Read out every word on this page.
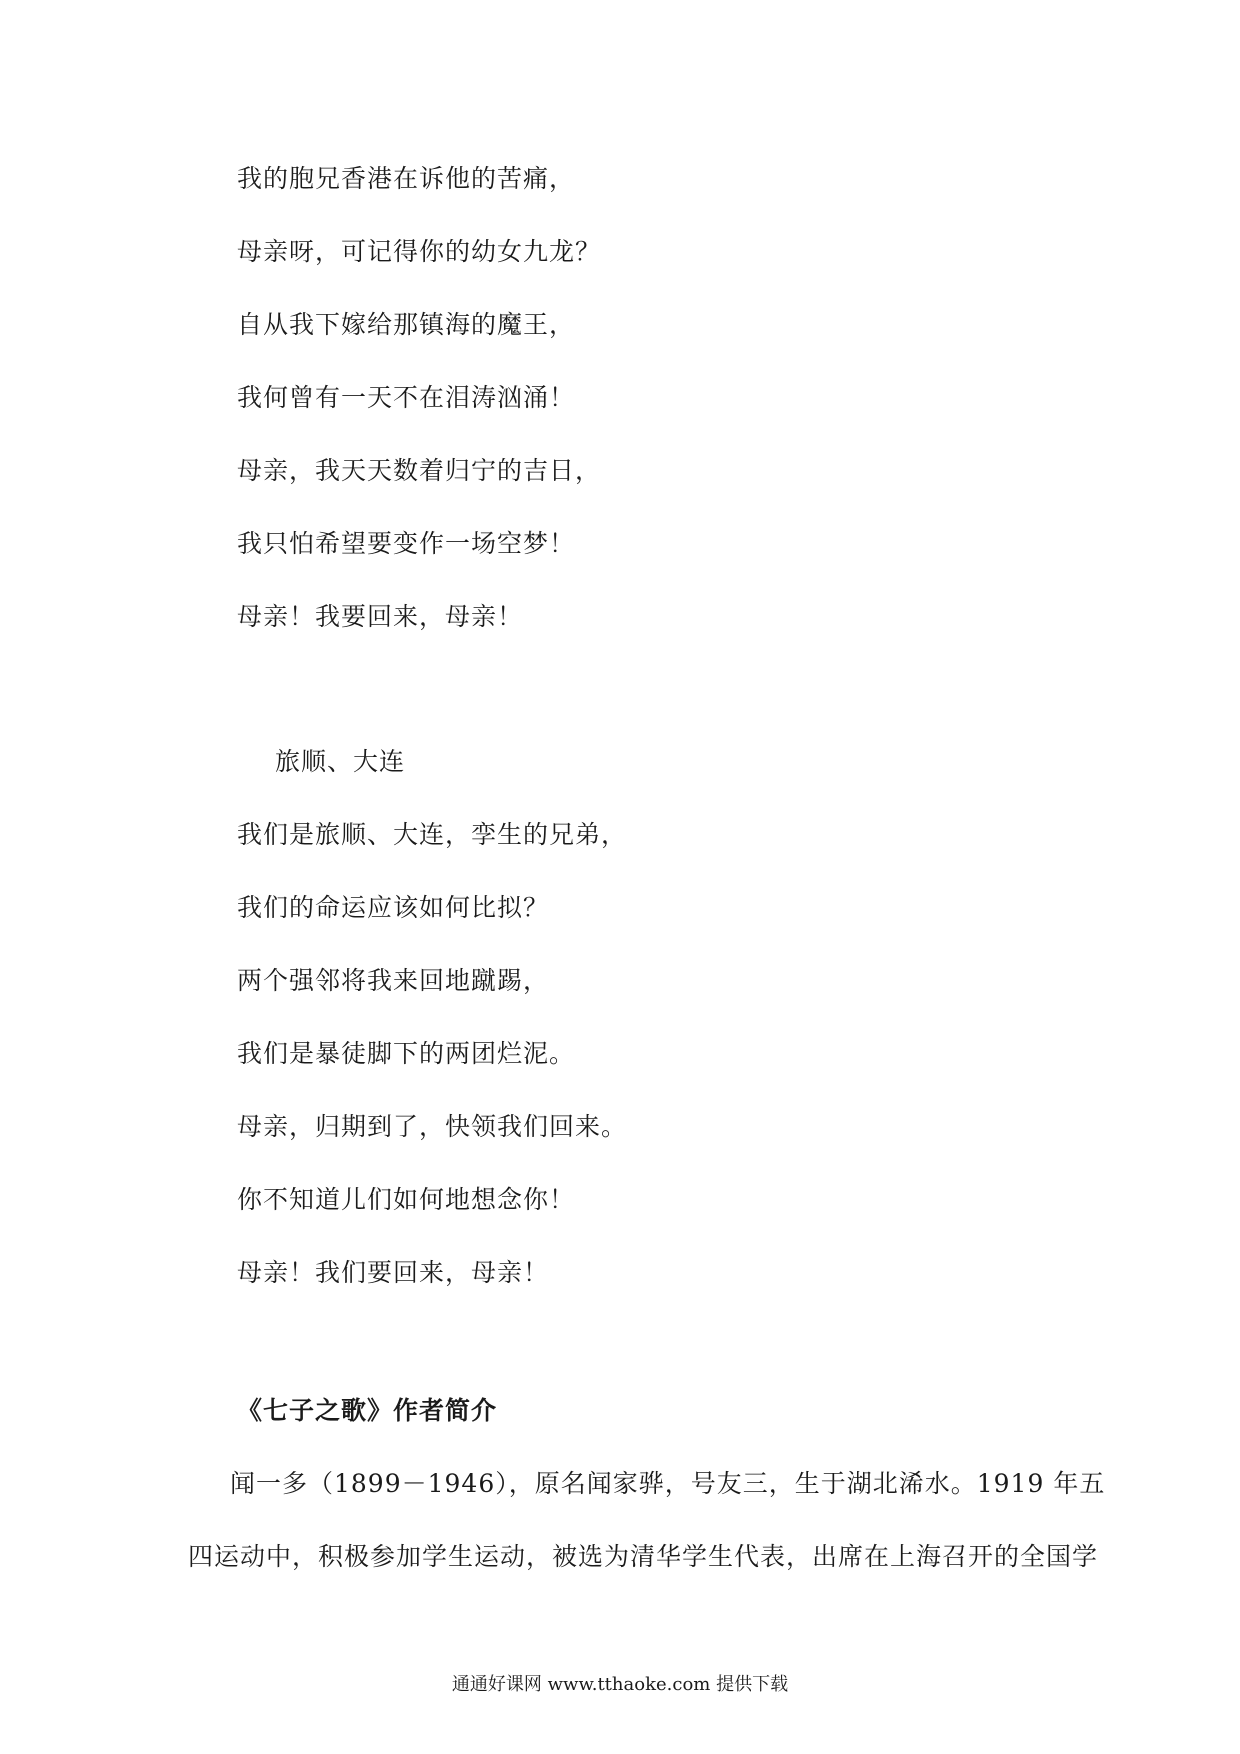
我的胞兄香港在诉他的苦痛，
母亲呀，可记得你的幼女九龙？
自从我下嫁给那镇海的魔王，
我何曾有一天不在泪涛汹涌！
母亲，我天天数着归宁的吉日，
我只怕希望要变作一场空梦！
母亲！我要回来，母亲！
旅顺、大连
我们是旅顺、大连，孪生的兄弟，
我们的命运应该如何比拟？
两个强邻将我来回地蹴踢，
我们是暴徒脚下的两团烂泥。
母亲，归期到了，快领我们回来。
你不知道儿们如何地想念你！
母亲！我们要回来，母亲！
《七子之歌》作者简介
闻一多（1899－1946），原名闻家骅，号友三，生于湖北浠水。1919 年五
四运动中，积极参加学生运动，被选为清华学生代表，出席在上海召开的全国学
通通好课网 www.tthaoke.com 提供下载
